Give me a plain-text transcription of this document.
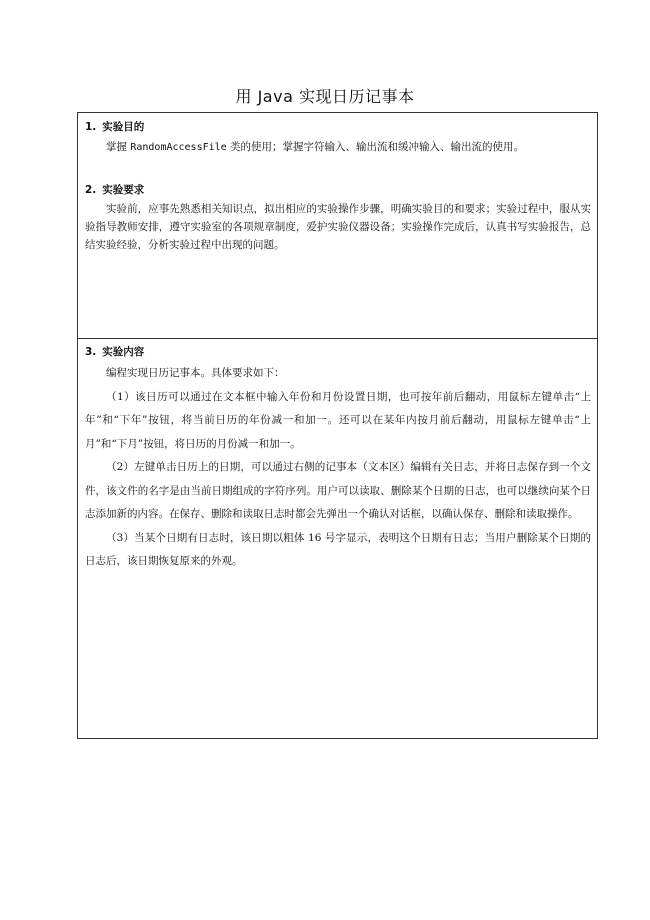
用 Java 实现日历记事本
1. 实验目的

掌握 RandomAccessFile 类的使用；掌握字符输入、输出流和缓冲输入、输出流的使用。

2. 实验要求

实验前，应事先熟悉相关知识点，拟出相应的实验操作步骤，明确实验目的和要求；实验过程中，服从实验指导教师安排，遵守实验室的各项规章制度，爱护实验仪器设备；实验操作完成后，认真书写实验报告，总结实验经验，分析实验过程中出现的问题。

3. 实验内容

编程实现日历记事本。具体要求如下：

（1）该日历可以通过在文本框中输入年份和月份设置日期，也可按年前后翻动，用鼠标左键单击“上年”和“下年”按钮，将当前日历的年份减一和加一。还可以在某年内按月前后翻动，用鼠标左键单击“上月”和“下月”按钮，将日历的月份减一和加一。

（2）左键单击日历上的日期，可以通过右侧的记事本（文本区）编辑有关日志，并将日志保存到一个文件，该文件的名字是由当前日期组成的字符序列。用户可以读取、删除某个日期的日志，也可以继续向某个日志添加新的内容。在保存、删除和读取日志时都会先弹出一个确认对话框，以确认保存、删除和读取操作。

（3）当某个日期有日志时，该日期以粗体 16 号字显示，表明这个日期有日志；当用户删除某个日期的日志后，该日期恢复原来的外观。
